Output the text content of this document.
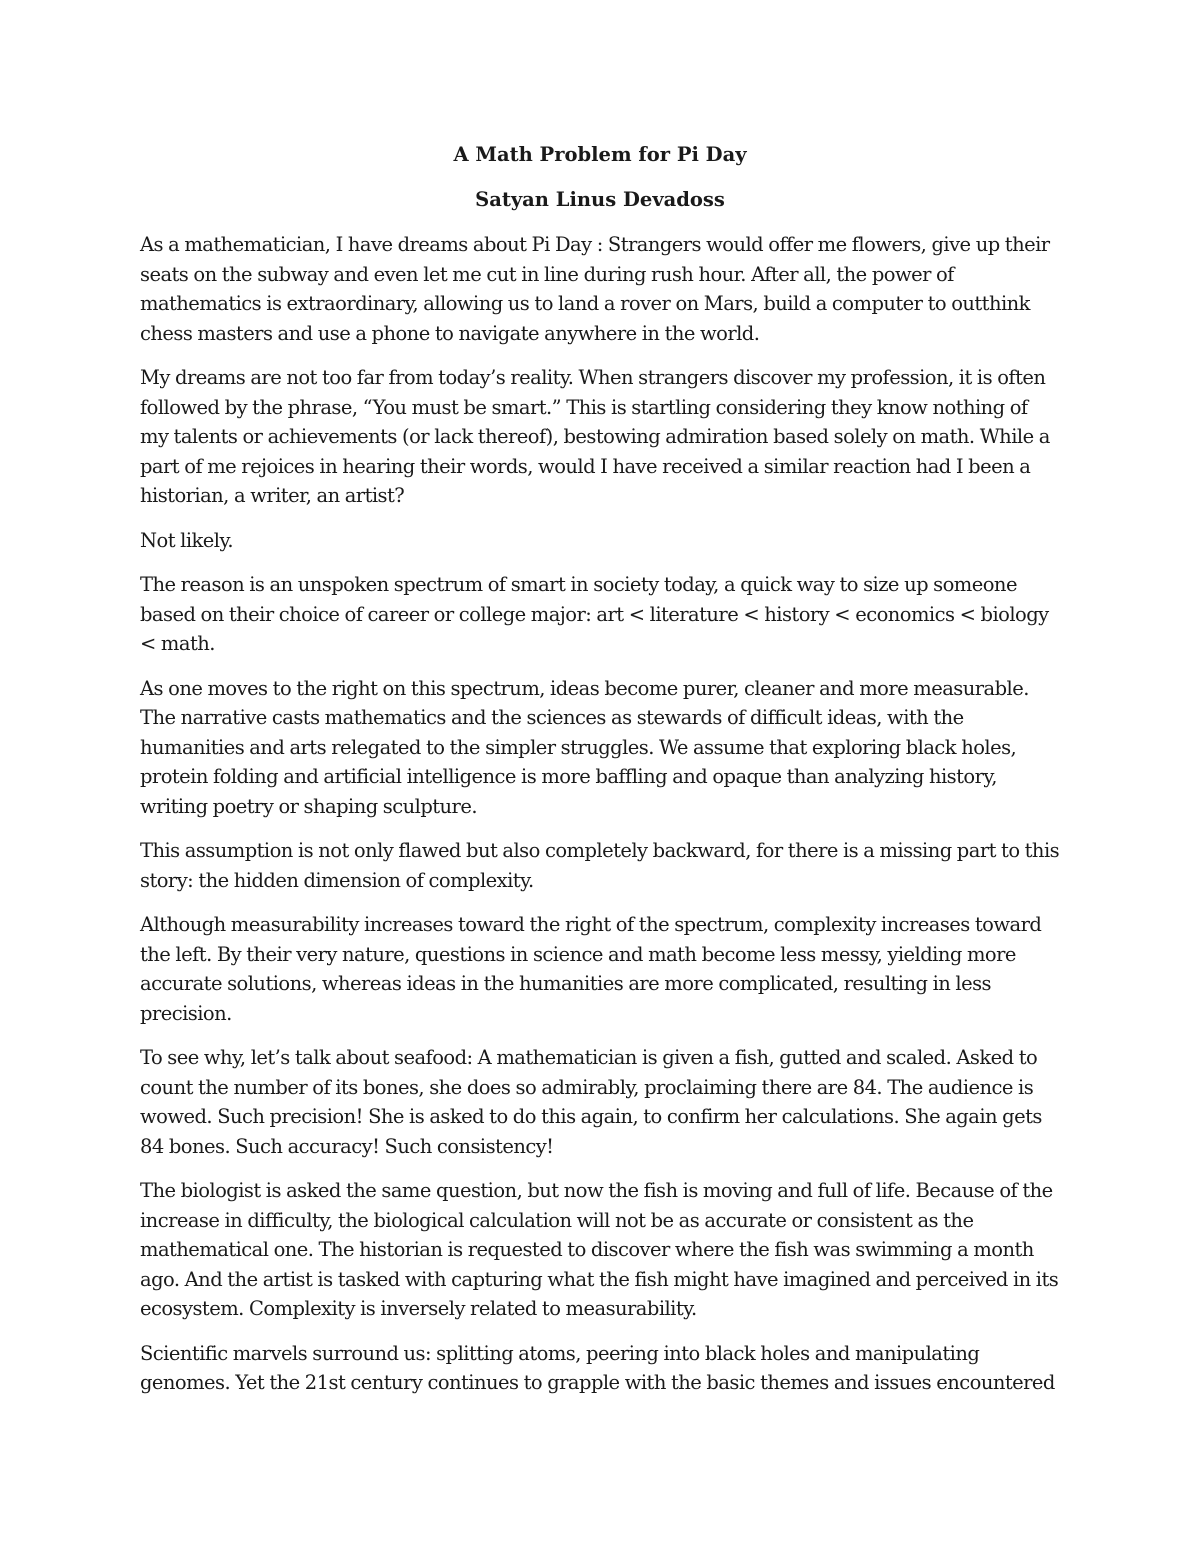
A Math Problem for Pi Day
Satyan Linus Devadoss

As a mathematician, I have dreams about Pi Day : Strangers would offer me flowers, give up their seats on the subway and even let me cut in line during rush hour. After all, the power of mathematics is extraordinary, allowing us to land a rover on Mars, build a computer to outthink chess masters and use a phone to navigate anywhere in the world.

My dreams are not too far from today’s reality. When strangers discover my profession, it is often followed by the phrase, “You must be smart.” This is startling considering they know nothing of my talents or achievements (or lack thereof), bestowing admiration based solely on math. While a part of me rejoices in hearing their words, would I have received a similar reaction had I been a historian, a writer, an artist?

Not likely.

The reason is an unspoken spectrum of smart in society today, a quick way to size up someone based on their choice of career or college major: art < literature < history < economics < biology < math.

As one moves to the right on this spectrum, ideas become purer, cleaner and more measurable. The narrative casts mathematics and the sciences as stewards of difficult ideas, with the humanities and arts relegated to the simpler struggles. We assume that exploring black holes, protein folding and artificial intelligence is more baffling and opaque than analyzing history, writing poetry or shaping sculpture.

This assumption is not only flawed but also completely backward, for there is a missing part to this story: the hidden dimension of complexity.

Although measurability increases toward the right of the spectrum, complexity increases toward the left. By their very nature, questions in science and math become less messy, yielding more accurate solutions, whereas ideas in the humanities are more complicated, resulting in less precision.

To see why, let’s talk about seafood: A mathematician is given a fish, gutted and scaled. Asked to count the number of its bones, she does so admirably, proclaiming there are 84. The audience is wowed. Such precision! She is asked to do this again, to confirm her calculations. She again gets 84 bones. Such accuracy! Such consistency!

The biologist is asked the same question, but now the fish is moving and full of life. Because of the increase in difficulty, the biological calculation will not be as accurate or consistent as the mathematical one. The historian is requested to discover where the fish was swimming a month ago. And the artist is tasked with capturing what the fish might have imagined and perceived in its ecosystem. Complexity is inversely related to measurability.

Scientific marvels surround us: splitting atoms, peering into black holes and manipulating genomes. Yet the 21st century continues to grapple with the basic themes and issues encountered
